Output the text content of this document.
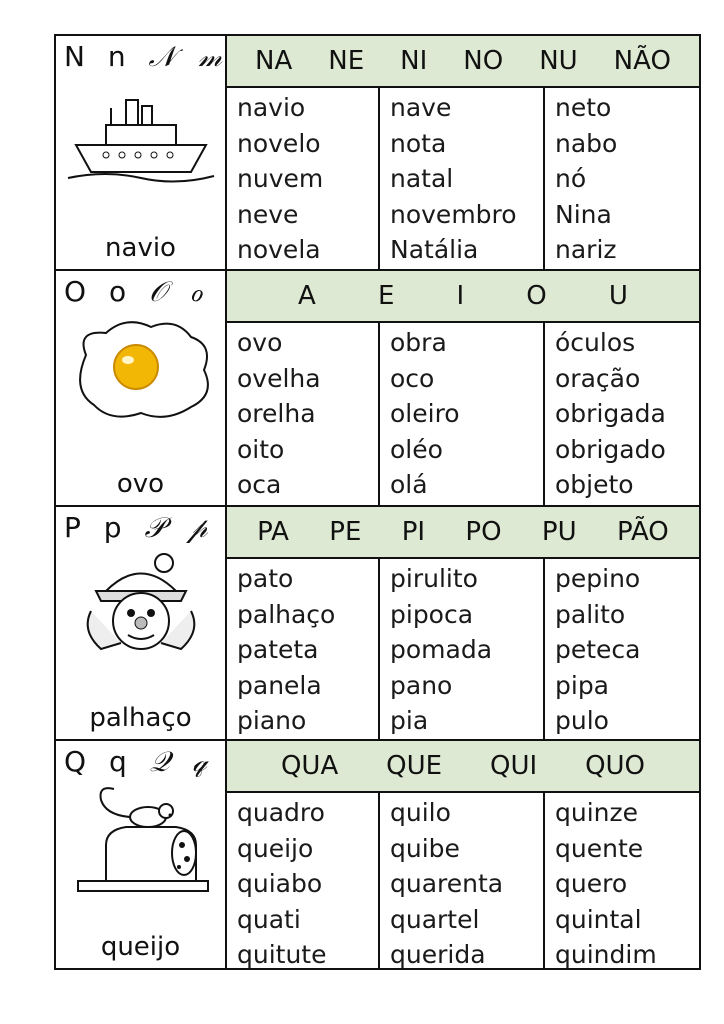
N n 𝒩 𝓂
navio
NA NE NI NO NU NÃO
navio
novelo
nuvem
neve
novela
nave
nota
natal
novembro
Natália
neto
nabo
nó
Nina
nariz
O o 𝒪 ℴ
ovo
A E I O U
ovo
ovelha
orelha
oito
oca
obra
oco
oleiro
oléo
olá
óculos
oração
obrigada
obrigado
objeto
P p 𝒫 𝓅
palhaço
PA PE PI PO PU PÃO
pato
palhaço
pateta
panela
piano
pirulito
pipoca
pomada
pano
pia
pepino
palito
peteca
pipa
pulo
Q q 𝒬 𝓆
queijo
QUA QUE QUI QUO
quadro
queijo
quiabo
quati
quitute
quilo
quibe
quarenta
quartel
querida
quinze
quente
quero
quintal
quindim
